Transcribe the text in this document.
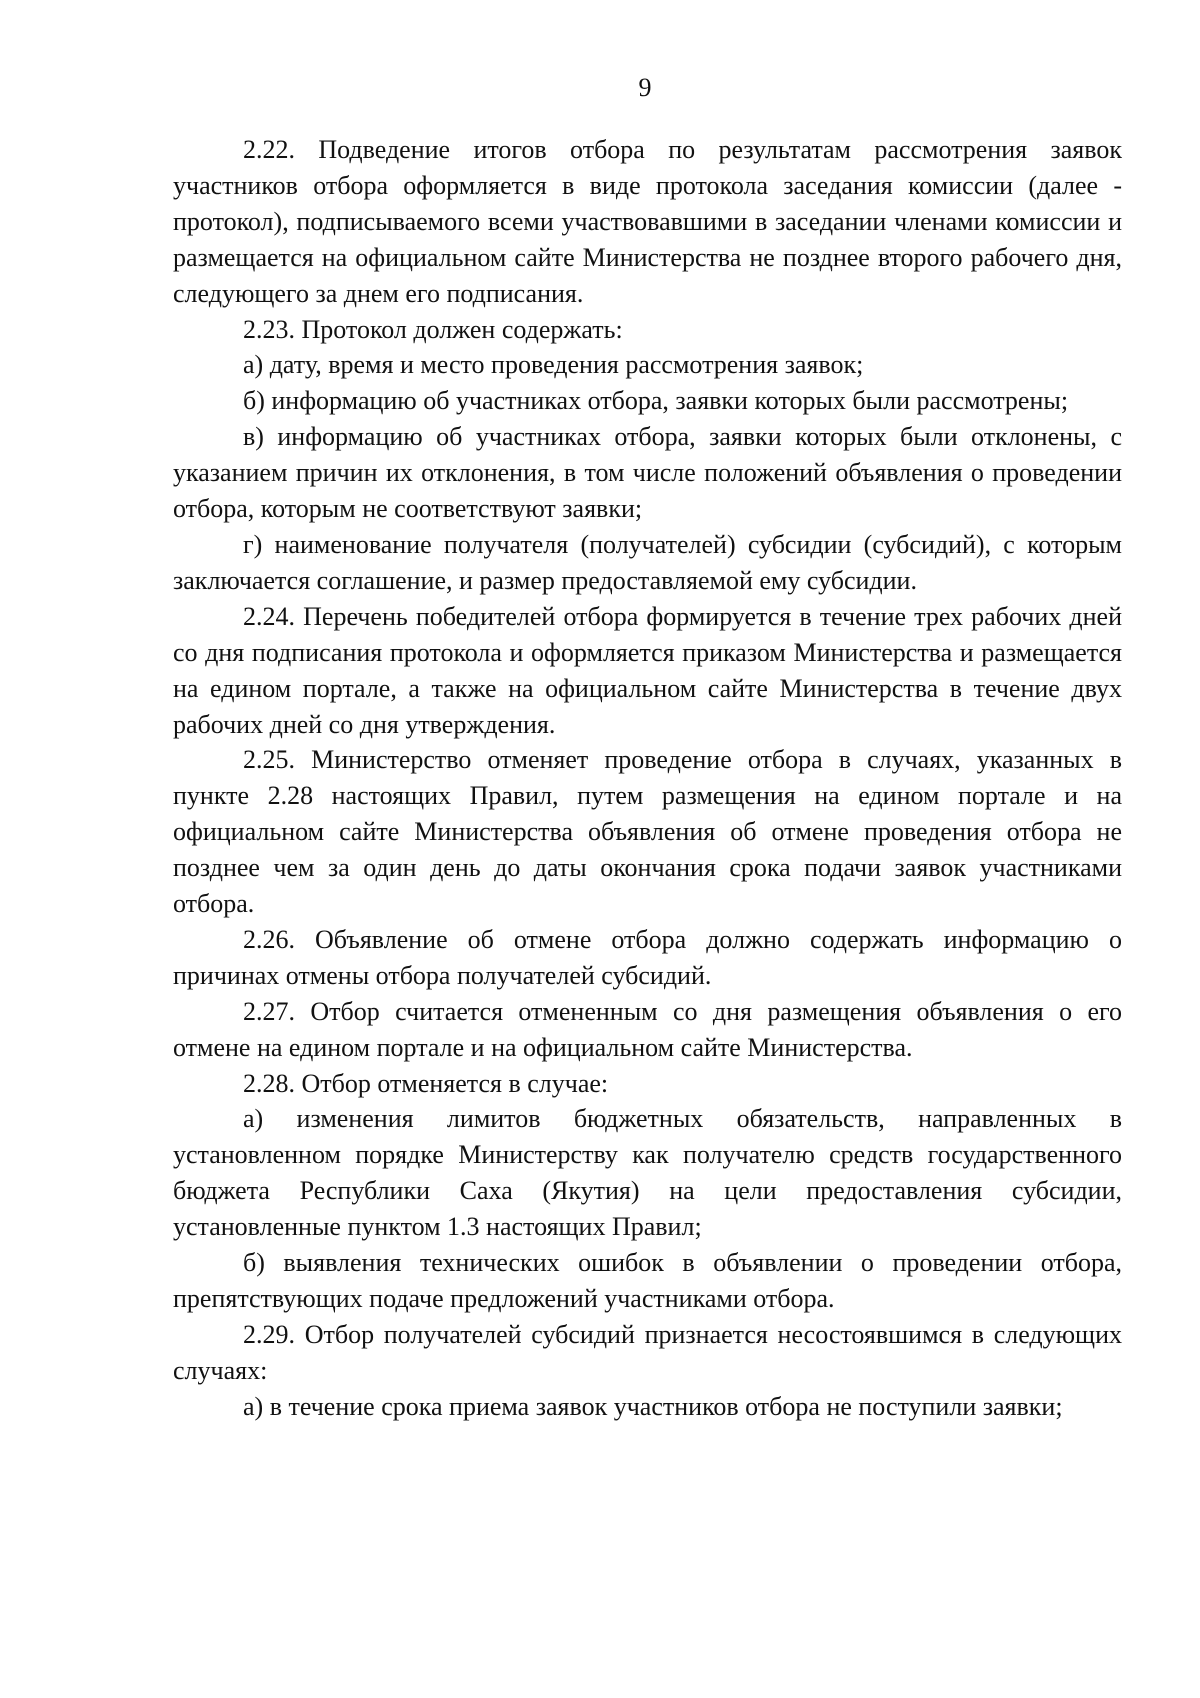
9

2.22. Подведение итогов отбора по результатам рассмотрения заявок участников отбора оформляется в виде протокола заседания комиссии (далее - протокол), подписываемого всеми участвовавшими в заседании членами комиссии и размещается на официальном сайте Министерства не позднее второго рабочего дня, следующего за днем его подписания.

2.23. Протокол должен содержать:

а) дату, время и место проведения рассмотрения заявок;

б) информацию об участниках отбора, заявки которых были рассмотрены;

в) информацию об участниках отбора, заявки которых были отклонены, с указанием причин их отклонения, в том числе положений объявления о проведении отбора, которым не соответствуют заявки;

г) наименование получателя (получателей) субсидии (субсидий), с которым заключается соглашение, и размер предоставляемой ему субсидии.

2.24. Перечень победителей отбора формируется в течение трех рабочих дней со дня подписания протокола и оформляется приказом Министерства и размещается на едином портале, а также на официальном сайте Министерства в течение двух рабочих дней со дня утверждения.

2.25. Министерство отменяет проведение отбора в случаях, указанных в пункте 2.28 настоящих Правил, путем размещения на едином портале и на официальном сайте Министерства объявления об отмене проведения отбора не позднее чем за один день до даты окончания срока подачи заявок участниками отбора.

2.26. Объявление об отмене отбора должно содержать информацию о причинах отмены отбора получателей субсидий.

2.27. Отбор считается отмененным со дня размещения объявления о его отмене на едином портале и на официальном сайте Министерства.

2.28. Отбор отменяется в случае:

а) изменения лимитов бюджетных обязательств, направленных в установленном порядке Министерству как получателю средств государственного бюджета Республики Саха (Якутия) на цели предоставления субсидии, установленные пунктом 1.3 настоящих Правил;

б) выявления технических ошибок в объявлении о проведении отбора, препятствующих подаче предложений участниками отбора.

2.29. Отбор получателей субсидий признается несостоявшимся в следующих случаях:

а) в течение срока приема заявок участников отбора не поступили заявки;
